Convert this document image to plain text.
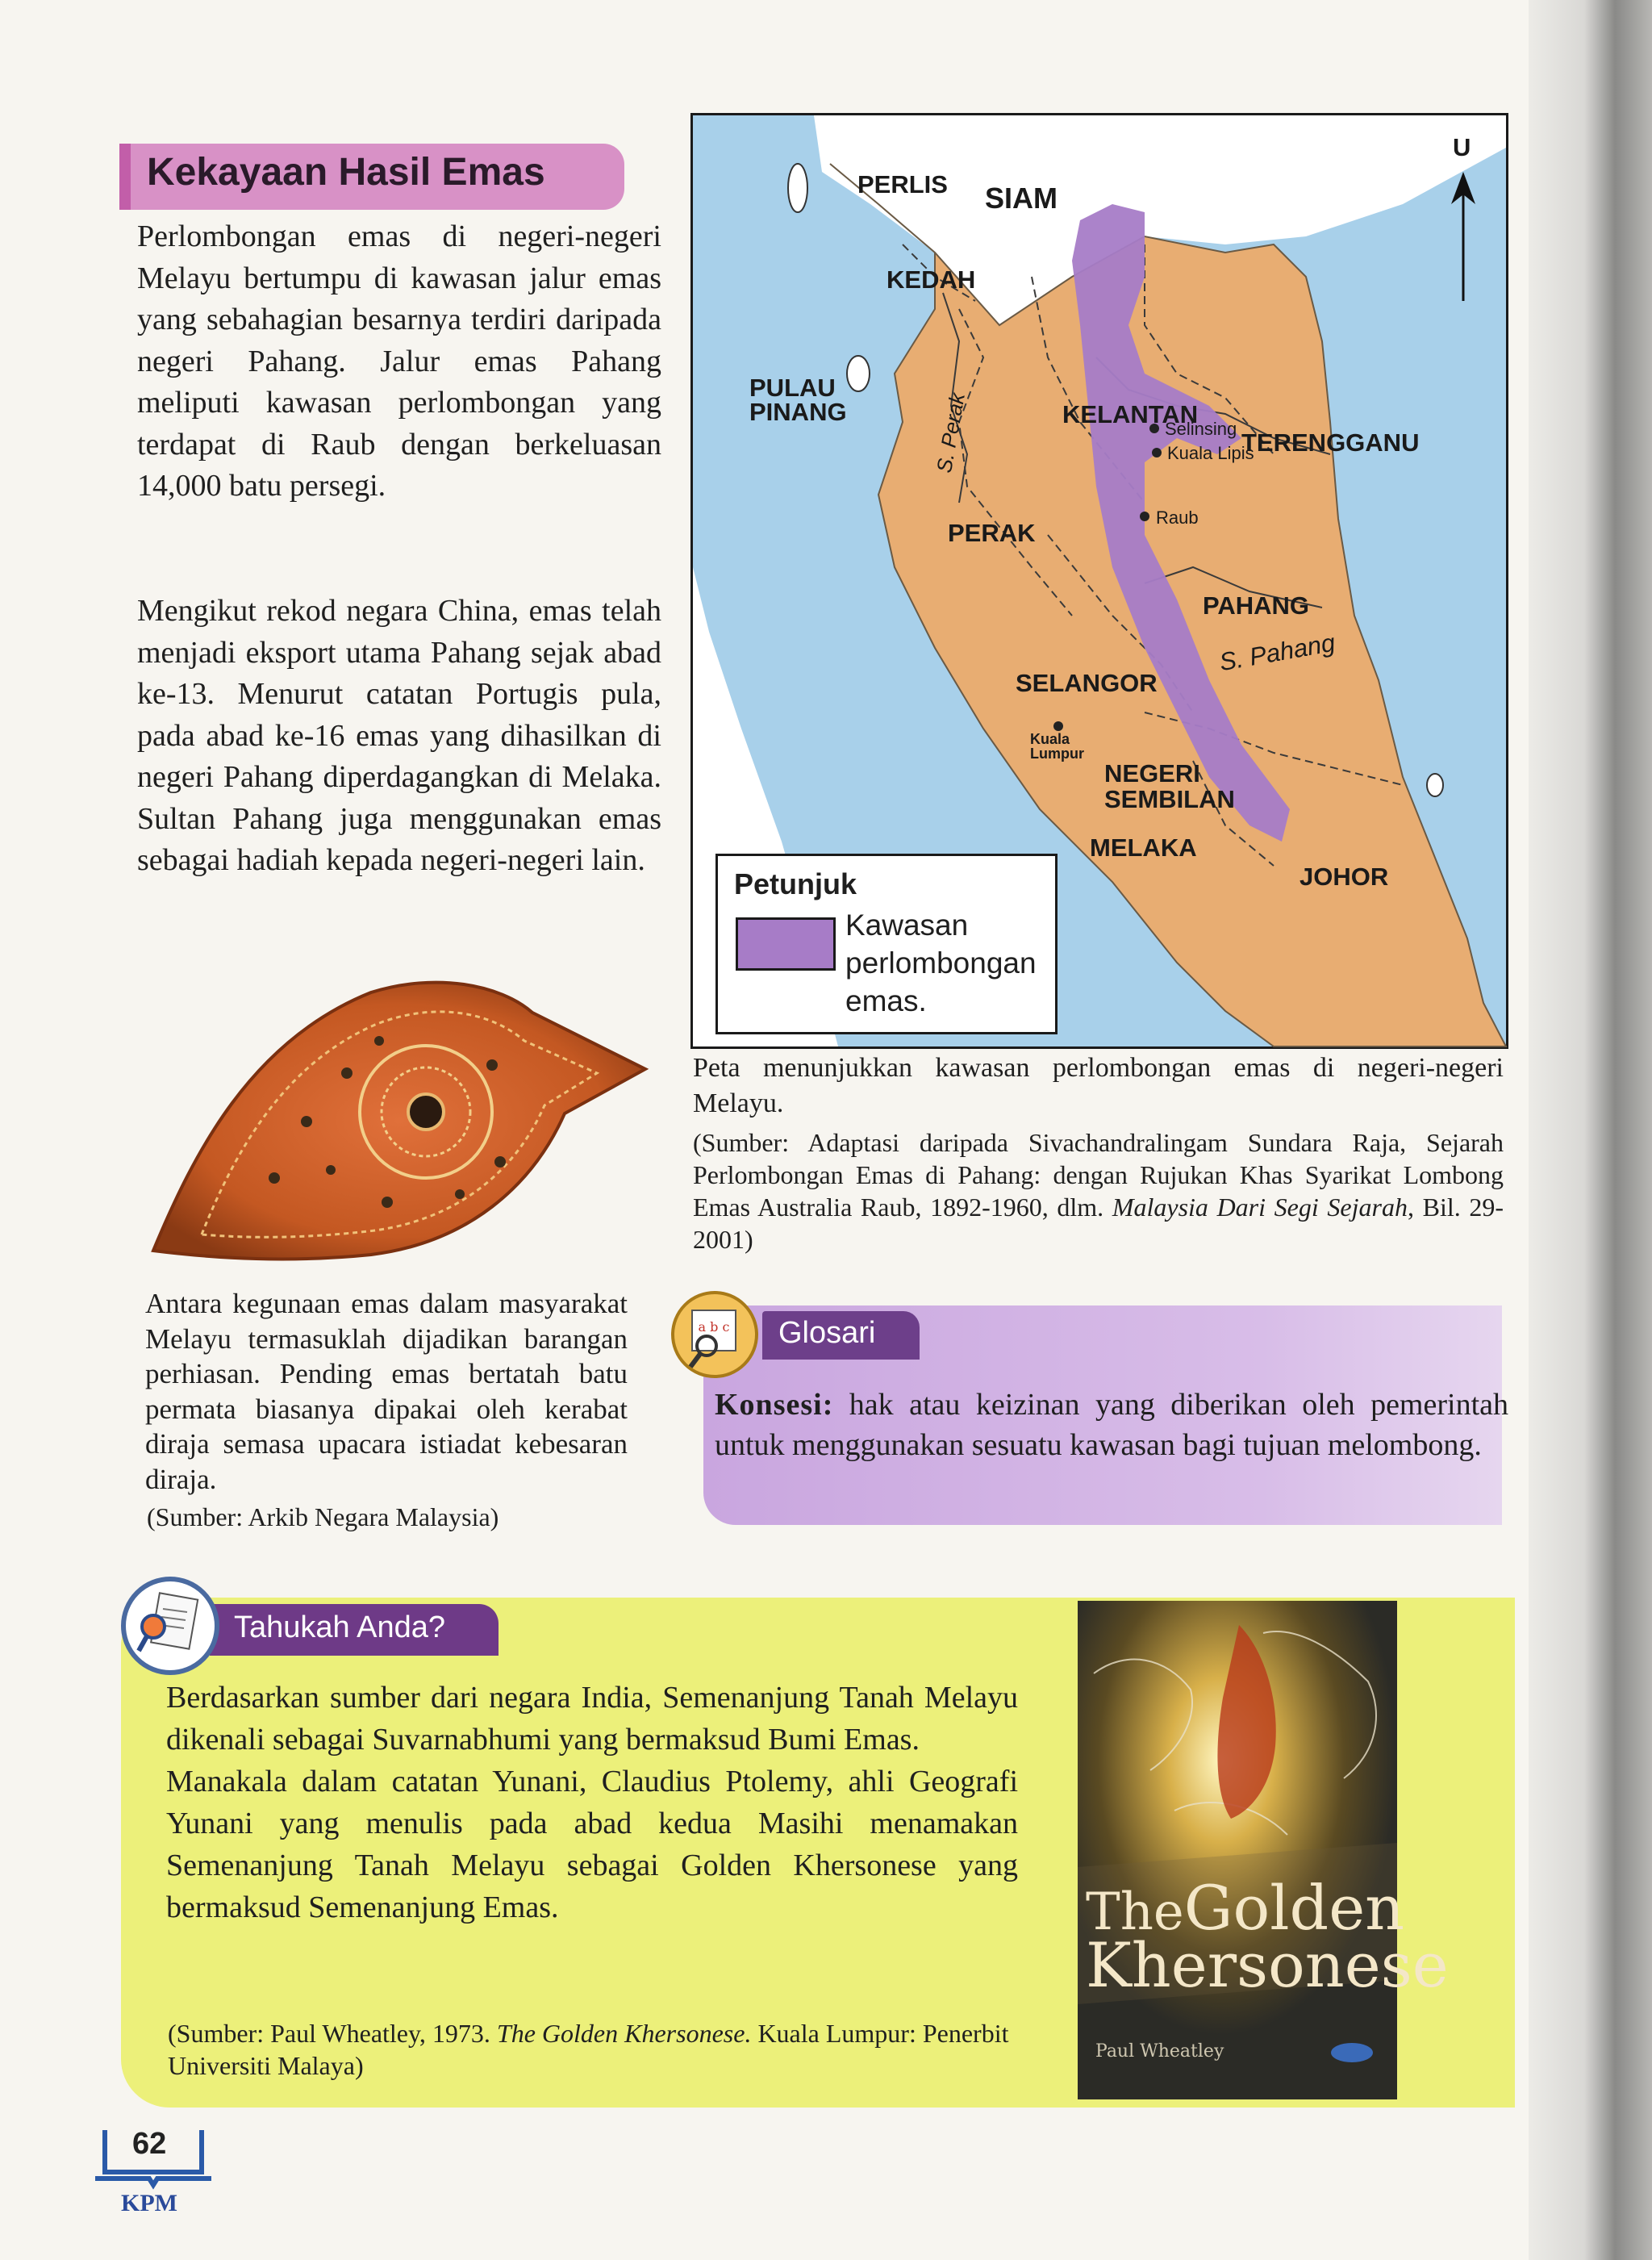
Kekayaan Hasil Emas
Perlombongan emas di negeri-negeri Melayu bertumpu di kawasan jalur emas yang sebahagian besarnya terdiri daripada negeri Pahang. Jalur emas Pahang meliputi kawasan perlombongan yang terdapat di Raub dengan berkeluasan 14,000 batu persegi.
Mengikut rekod negara China, emas telah menjadi eksport utama Pahang sejak abad ke-13. Menurut catatan Portugis pula, pada abad ke-16 emas yang dihasilkan di negeri Pahang diperdagangkan di Melaka. Sultan Pahang juga menggunakan emas sebagai hadiah kepada negeri-negeri lain.
U
PERLIS SIAM
KEDAH
PULAU
PINANG	S. Perak	KELANTAN
TERENGGANU
Selinsing
Kuala Lipis
PERAK
Raub
PAHANG
S. Pahang
SELANGOR
Kuala
Lumpur
NEGERI
SEMBILAN
MELAKA
JOHOR
Petunjuk
Kawasan perlombongan emas.
Peta menunjukkan kawasan perlombongan emas di negeri-negeri Melayu.
(Sumber: Adaptasi daripada Sivachandralingam Sundara Raja, Sejarah Perlombongan Emas di Pahang: dengan Rujukan Khas Syarikat Lombong Emas Australia Raub, 1892-1960, dlm. Malaysia Dari Segi Sejarah, Bil. 29-2001)
Antara kegunaan emas dalam masyarakat Melayu termasuklah dijadikan barangan perhiasan. Pending emas bertatah batu permata biasanya dipakai oleh kerabat diraja semasa upacara istiadat kebesaran diraja.
(Sumber: Arkib Negara Malaysia)
Glosari
a b c
Konsesi: hak atau keizinan yang diberikan oleh pemerintah untuk menggunakan sesuatu kawasan bagi tujuan melombong.
Tahukah Anda?
Berdasarkan sumber dari negara India, Semenanjung Tanah Melayu dikenali sebagai Suvarnabhumi yang bermaksud Bumi Emas.
Manakala dalam catatan Yunani, Claudius Ptolemy, ahli Geografi Yunani yang menulis pada abad kedua Masihi menamakan Semenanjung Tanah Melayu sebagai Golden Khersonese yang bermaksud Semenanjung Emas.
(Sumber: Paul Wheatley, 1973. The Golden Khersonese. Kuala Lumpur: Penerbit Universiti Malaya)
TheGolden
Khersonese
Paul Wheatley
62
KPM
